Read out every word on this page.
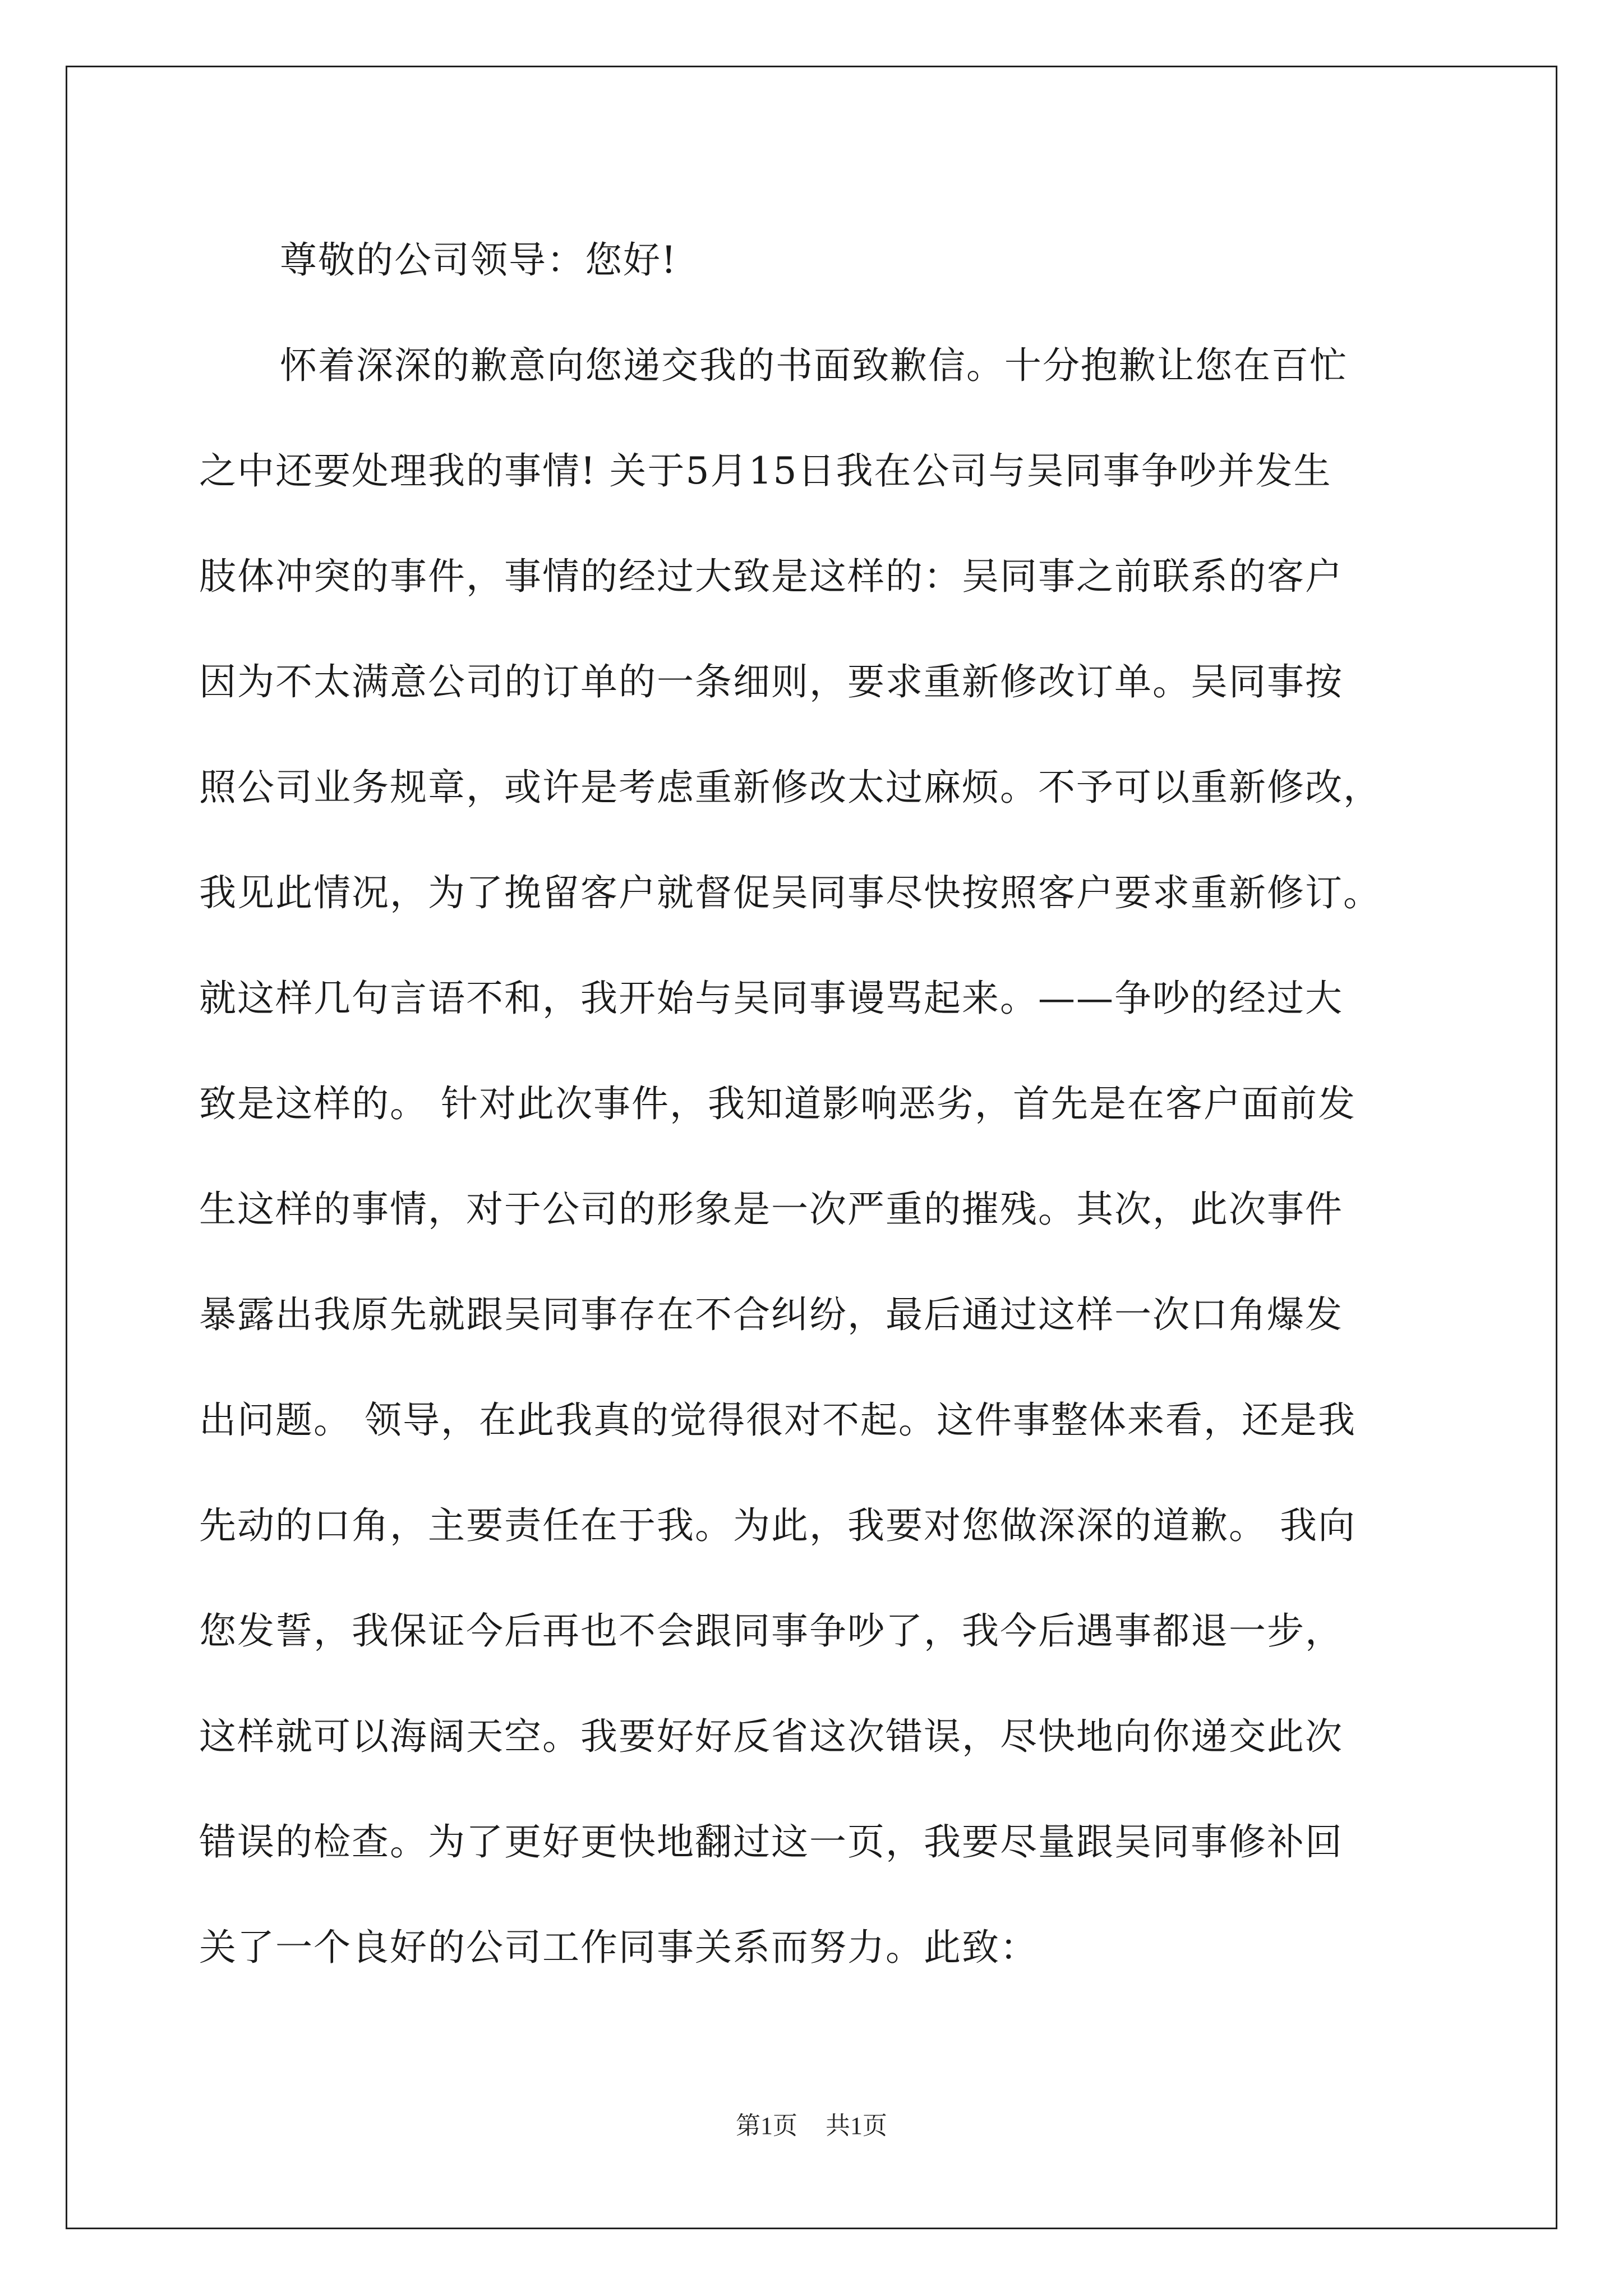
尊敬的公司领导：您好!
怀着深深的歉意向您递交我的书面致歉信。十分抱歉让您在百忙
之中还要处理我的事情! 关于5月15日我在公司与吴同事争吵并发生
肢体冲突的事件，事情的经过大致是这样的：吴同事之前联系的客户
因为不太满意公司的订单的一条细则，要求重新修改订单。吴同事按
照公司业务规章，或许是考虑重新修改太过麻烦。不予可以重新修改，
我见此情况，为了挽留客户就督促吴同事尽快按照客户要求重新修订。
就这样几句言语不和，我开始与吴同事谩骂起来。——争吵的经过大
致是这样的。 针对此次事件，我知道影响恶劣，首先是在客户面前发
生这样的事情，对于公司的形象是一次严重的摧残。其次，此次事件
暴露出我原先就跟吴同事存在不合纠纷，最后通过这样一次口角爆发
出问题。 领导，在此我真的觉得很对不起。这件事整体来看，还是我
先动的口角，主要责任在于我。为此，我要对您做深深的道歉。 我向
您发誓，我保证今后再也不会跟同事争吵了，我今后遇事都退一步，
这样就可以海阔天空。我要好好反省这次错误，尽快地向你递交此次
错误的检查。为了更好更快地翻过这一页，我要尽量跟吴同事修补回
关了一个良好的公司工作同事关系而努力。此致：
第1页 共1页
